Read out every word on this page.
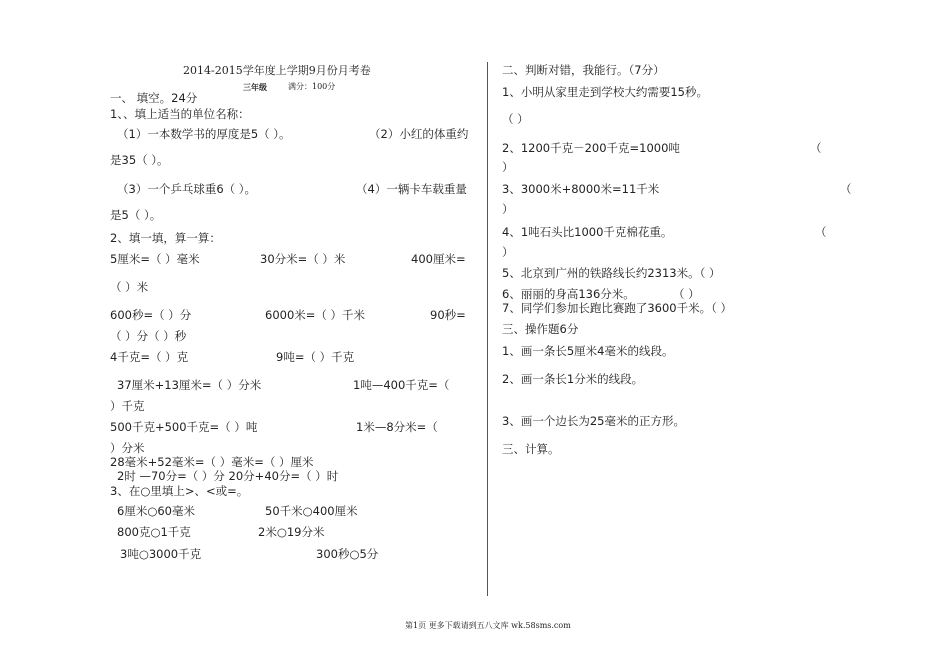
2014-2015学年度上学期9月份月考卷
三年级	满分：100分
一、 填空。24分
1、、填上适当的单位名称：
（1）一本数学书的厚度是5（ ）。	（2）小红的体重约
是35（ ）。
（3）一个乒乓球重6（ ）。	（4）一辆卡车载重量
是5（ ）。
2、填一填，算一算：
5厘米=（ ）毫米	30分米=（ ）米	400厘米=
（ ）米
600秒=（ ）分	6000米=（ ）千米	90秒=
（ ）分（ ）秒
4千克=（ ）克	9吨=（ ）千克
37厘米+13厘米=（ ）分米	1吨—400千克=（
）千克
500千克+500千克=（ ）吨	1米—8分米=（
）分米
28毫米+52毫米=（ ）毫米=（ ）厘米
2时 —70分=（ ）分 20分+40分=（ ）时
3、在○里填上>、<或=。
6厘米○60毫米	50千米○400厘米
800克○1千克	2米○19分米
3吨○3000千克	300秒○5分
二、判断对错，我能行。（7分）
1、小明从家里走到学校大约需要15秒。
（ ）
2、1200千克－200千克=1000吨	（
）
3、3000米+8000米=11千米	（
）
4、1吨石头比1000千克棉花重。	（
）
5、北京到广州的铁路线长约2313米。（ ）
6、丽丽的身高136分米。	（ ）
7、同学们参加长跑比赛跑了3600千米。（ ）
三、操作题6分
1、画一条长5厘米4毫米的线段。
2、画一条长1分米的线段。
3、画一个边长为25毫米的正方形。
三、计算。
第1页 更多下载请到五八文库 wk.58sms.com
